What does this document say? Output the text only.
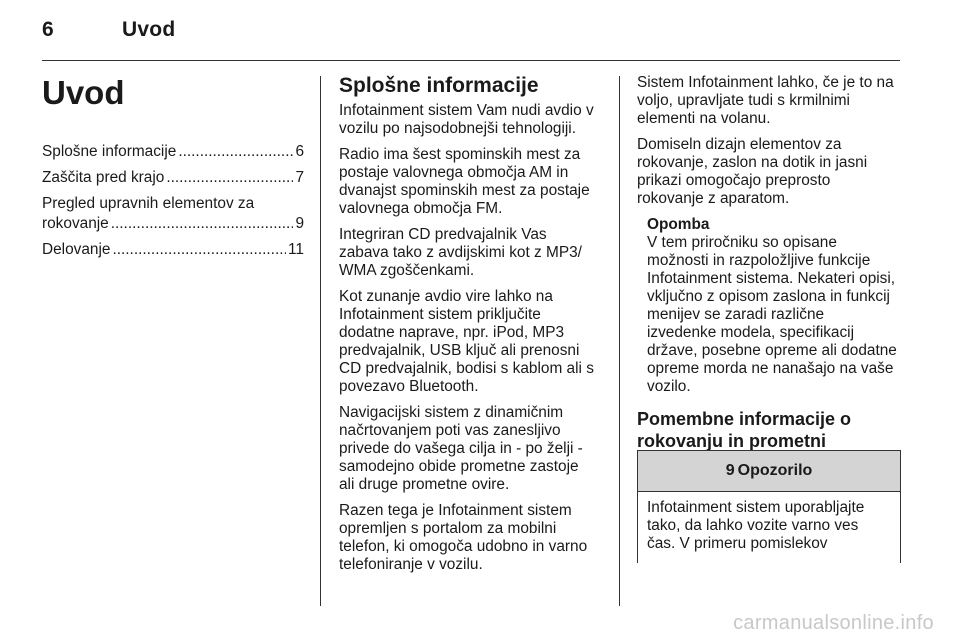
6	Uvod
Uvod
Splošne informacije .....	6
Zaščita pred krajo .....	7
Pregled upravnih elementov za
rokovanje .....	9
Delovanje .....	11
Splošne informacije
Infotainment sistem Vam nudi avdio v
vozilu po najsodobnejši tehnologiji.
Radio ima šest spominskih mest za
postaje valovnega območja AM in
dvanajst spominskih mest za postaje
valovnega območja FM.
Integriran CD predvajalnik Vas
zabava tako z avdijskimi kot z MP3/
WMA zgoščenkami.
Kot zunanje avdio vire lahko na
Infotainment sistem priključite
dodatne naprave, npr. iPod, MP3
predvajalnik, USB ključ ali prenosni
CD predvajalnik, bodisi s kablom ali s
povezavo Bluetooth.
Navigacijski sistem z dinamičnim
načrtovanjem poti vas zanesljivo
privede do vašega cilja in - po želji -
samodejno obide prometne zastoje
ali druge prometne ovire.
Razen tega je Infotainment sistem
opremljen s portalom za mobilni
telefon, ki omogoča udobno in varno
telefoniranje v vozilu.
Sistem Infotainment lahko, če je to na
voljo, upravljate tudi s krmilnimi
elementi na volanu.
Domiseln dizajn elementov za
rokovanje, zaslon na dotik in jasni
prikazi omogočajo preprosto
rokovanje z aparatom.
Opomba
V tem priročniku so opisane
možnosti in razpoložljive funkcije
Infotainment sistema. Nekateri opisi,
vključno z opisom zaslona in funkcij
menijev se zaradi različne
izvedenke modela, specifikacij
države, posebne opreme ali dodatne
opreme morda ne nanašajo na vaše
vozilo.
Pomembne informacije o
rokovanju in prometni
9 Opozorilo
Infotainment sistem uporabljajte
tako, da lahko vozite varno ves
čas. V primeru pomislekov
carmanualsonline.info
